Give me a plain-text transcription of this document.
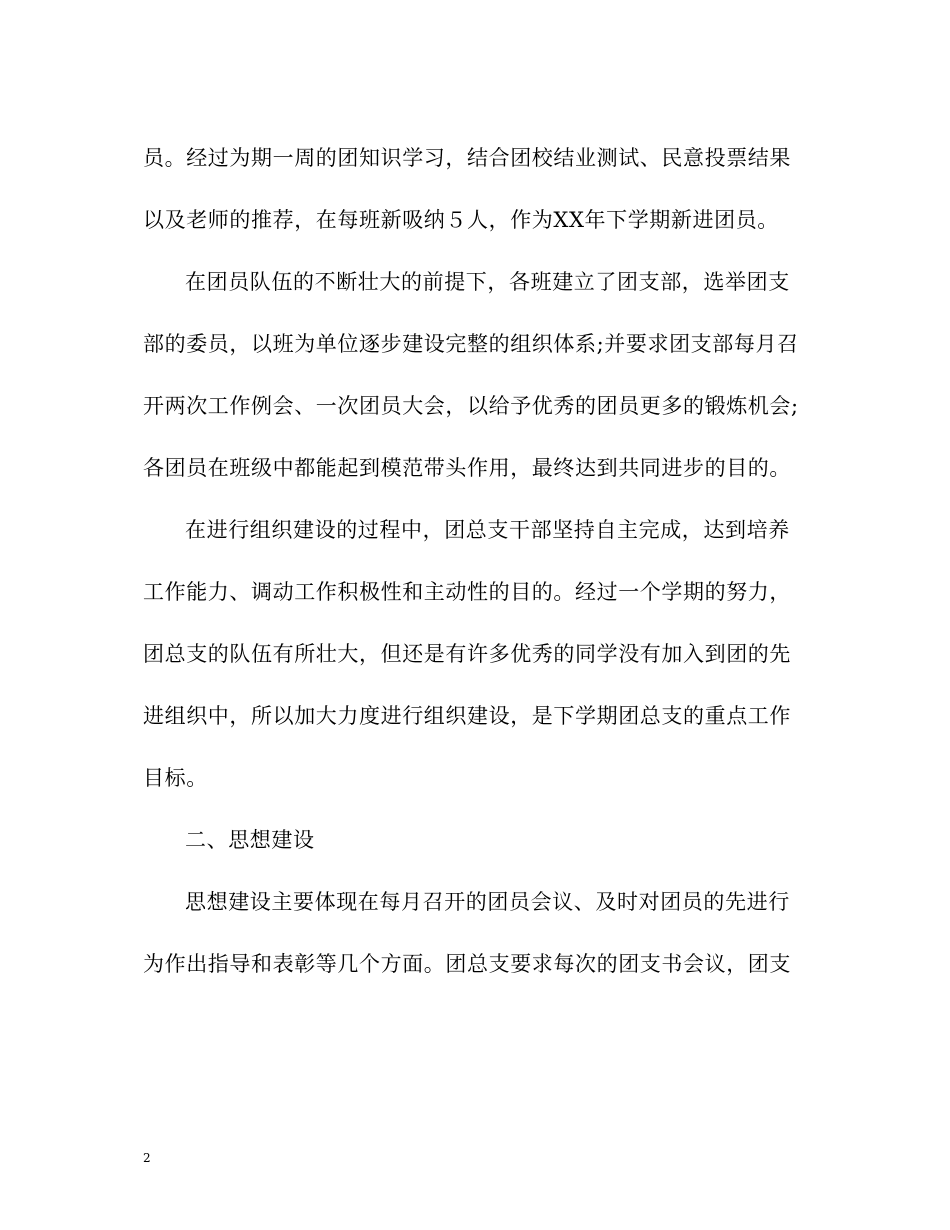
员。经过为期一周的团知识学习，结合团校结业测试、民意投票结果
以及老师的推荐，在每班新吸纳５人，作为XX年下学期新进团员。
在团员队伍的不断壮大的前提下，各班建立了团支部，选举团支
部的委员，以班为单位逐步建设完整的组织体系;并要求团支部每月召
开两次工作例会、一次团员大会，以给予优秀的团员更多的锻炼机会;
各团员在班级中都能起到模范带头作用，最终达到共同进步的目的。
在进行组织建设的过程中，团总支干部坚持自主完成，达到培养
工作能力、调动工作积极性和主动性的目的。经过一个学期的努力，
团总支的队伍有所壮大，但还是有许多优秀的同学没有加入到团的先
进组织中，所以加大力度进行组织建设，是下学期团总支的重点工作
目标。
二、思想建设
思想建设主要体现在每月召开的团员会议、及时对团员的先进行
为作出指导和表彰等几个方面。团总支要求每次的团支书会议，团支
2
